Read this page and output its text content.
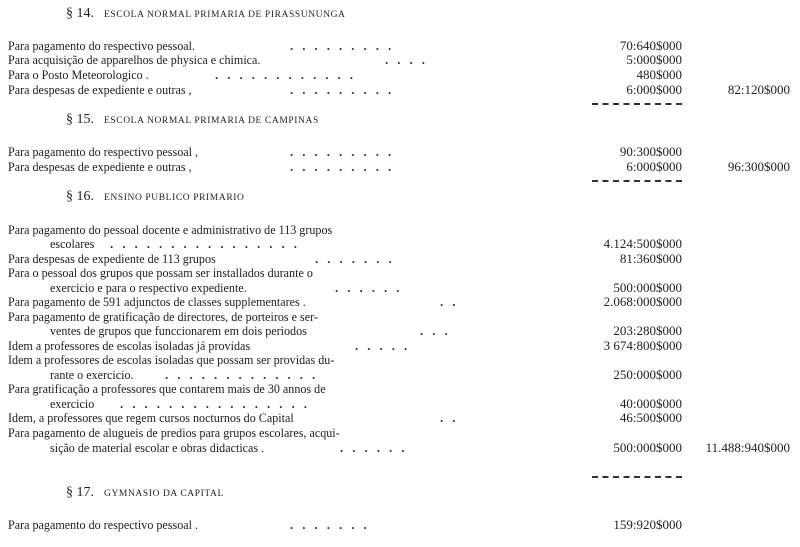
§ 14. ESCOLA NORMAL PRIMARIA DE PIRASSUNUNGA
Para pagamento do respectivo pessoal.	.........	70:640$000
Para acquisição de apparelhos de physica e chimica.	....	5:000$000
Para o Posto Meteorologico .	............	480$000
Para despesas de expediente e outras ,	.........	6:000$000	82:120$000
§ 15. ESCOLA NORMAL PRIMARIA DE CAMPINAS
Para pagamento do respectivo pessoal ,	.........	90:300$000
Para despesas de expediente e outras ,	.........	6:000$000	96:300$000
§ 16. ENSINO PUBLICO PRIMARIO
Para pagamento do pessoal docente e administrativo de 113 grupos
escolares ................	4.124:500$000
Para despesas de expediente de 113 grupos	.......	81:360$000
Para o pessoal dos grupos que possam ser installados durante o
exercicio e para o respectivo expediente.	......	500:000$000
Para pagamento de 591 adjunctos de classes supplementares .	..	2.068:000$000
Para pagamento de gratificação de directores, de porteiros e ser-
ventes de grupos que funccionarem em dois periodos	...	203:280$000
Idem a professores de escolas isoladas já providas	.....	3 674:800$000
Idem a professores de escolas isoladas que possam ser providas du-
rante o exercicio. .............	250:000$000
Para gratificação a professores que contarem mais de 30 annos de
exercicio ................	40:000$000
Idem, a professores que regem cursos nocturnos do Capital	..	46:500$000
Para pagamento de alugueis de predios para grupos escolares, acqui-
sição de material escolar e obras didacticas .	......	500:000$000 11.488:940$000
§ 17. GYMNASIO DA CAPITAL
Para pagamento do respectivo pessoal .	.......	159:920$000
